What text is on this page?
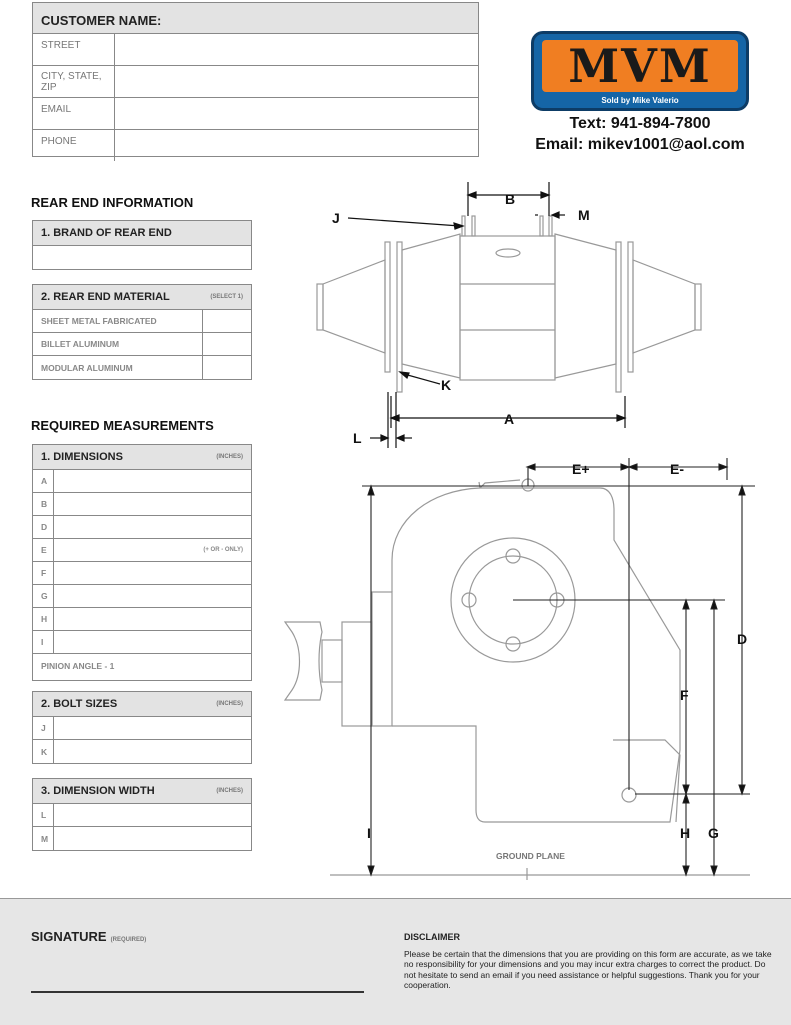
CUSTOMER NAME:
STREET
CITY, STATE, ZIP
EMAIL
PHONE
MVM
Sold by Mike Valerio
Text: 941-894-7800
Email: mikev1001@aol.com
REAR END INFORMATION
1. BRAND OF REAR END
2. REAR END MATERIAL	(SELECT 1)
SHEET METAL FABRICATED
BILLET ALUMINUM
MODULAR ALUMINUM
REQUIRED MEASUREMENTS
1. DIMENSIONS	(INCHES)
A
B
D
E	(+ OR - ONLY)
F
G
H
I
PINION ANGLE - 1
2. BOLT SIZES	(INCHES)
J
K
3. DIMENSION WIDTH	(INCHES)
L
M
B
J	M
K
A
L
E+	E-
D
F
G
H
I
GROUND PLANE
SIGNATURE (REQUIRED)	DISCLAIMER
Please be certain that the dimensions that you are providing on this form are accurate, as we take no responsibility for your dimensions and you may incur extra charges to correct the product. Do not hesitate to send an email if you need assistance or helpful suggestions. Thank you for your cooperation.
